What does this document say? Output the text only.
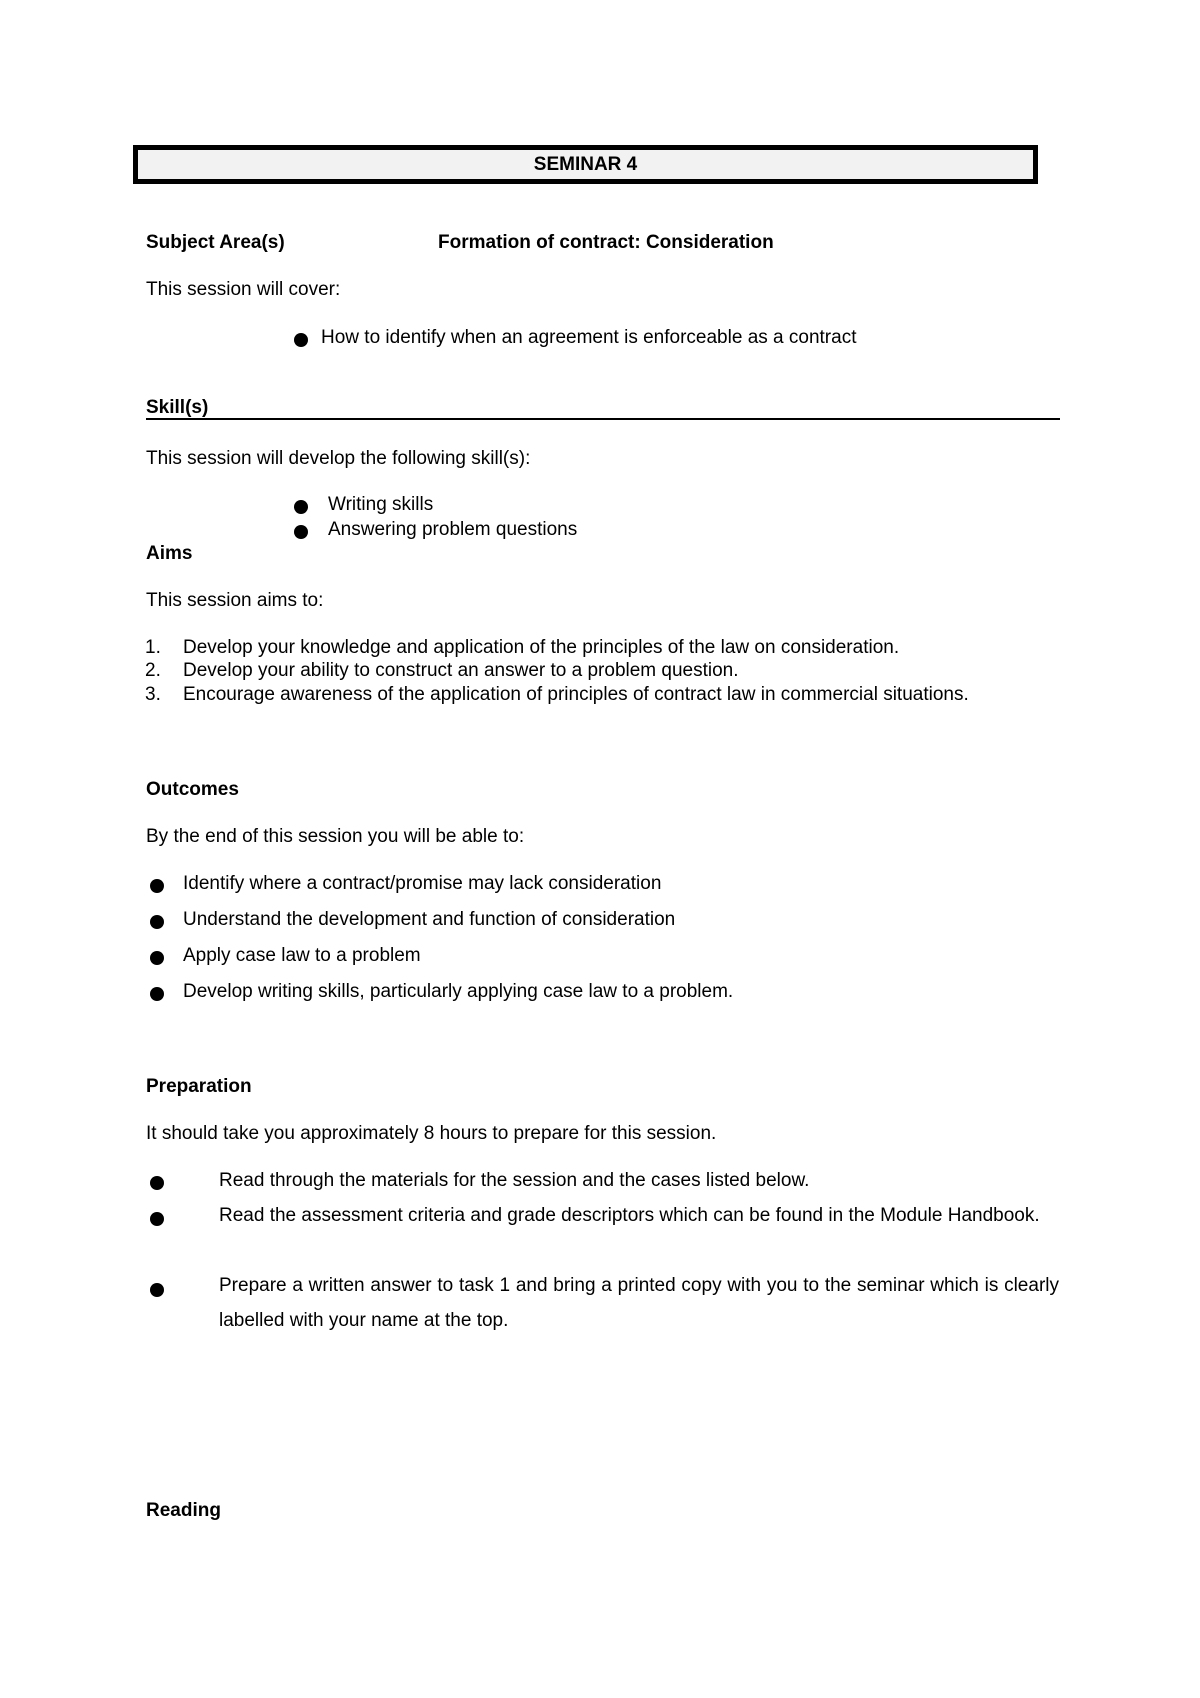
SEMINAR 4
Subject Area(s)	Formation of contract: Consideration
This session will cover:
How to identify when an agreement is enforceable as a contract
Skill(s)
This session will develop the following skill(s):
Writing skills
Answering problem questions
Aims
This session aims to:
1. Develop your knowledge and application of the principles of the law on consideration.
2. Develop your ability to construct an answer to a problem question.
3. Encourage awareness of the application of principles of contract law in commercial situations.
Outcomes
By the end of this session you will be able to:
Identify where a contract/promise may lack consideration
Understand the development and function of consideration
Apply case law to a problem
Develop writing skills, particularly applying case law to a problem.
Preparation
It should take you approximately 8 hours to prepare for this session.
Read through the materials for the session and the cases listed below.
Read the assessment criteria and grade descriptors which can be found in the Module Handbook.
Prepare a written answer to task 1 and bring a printed copy with you to the seminar which is clearly labelled with your name at the top.
Reading
